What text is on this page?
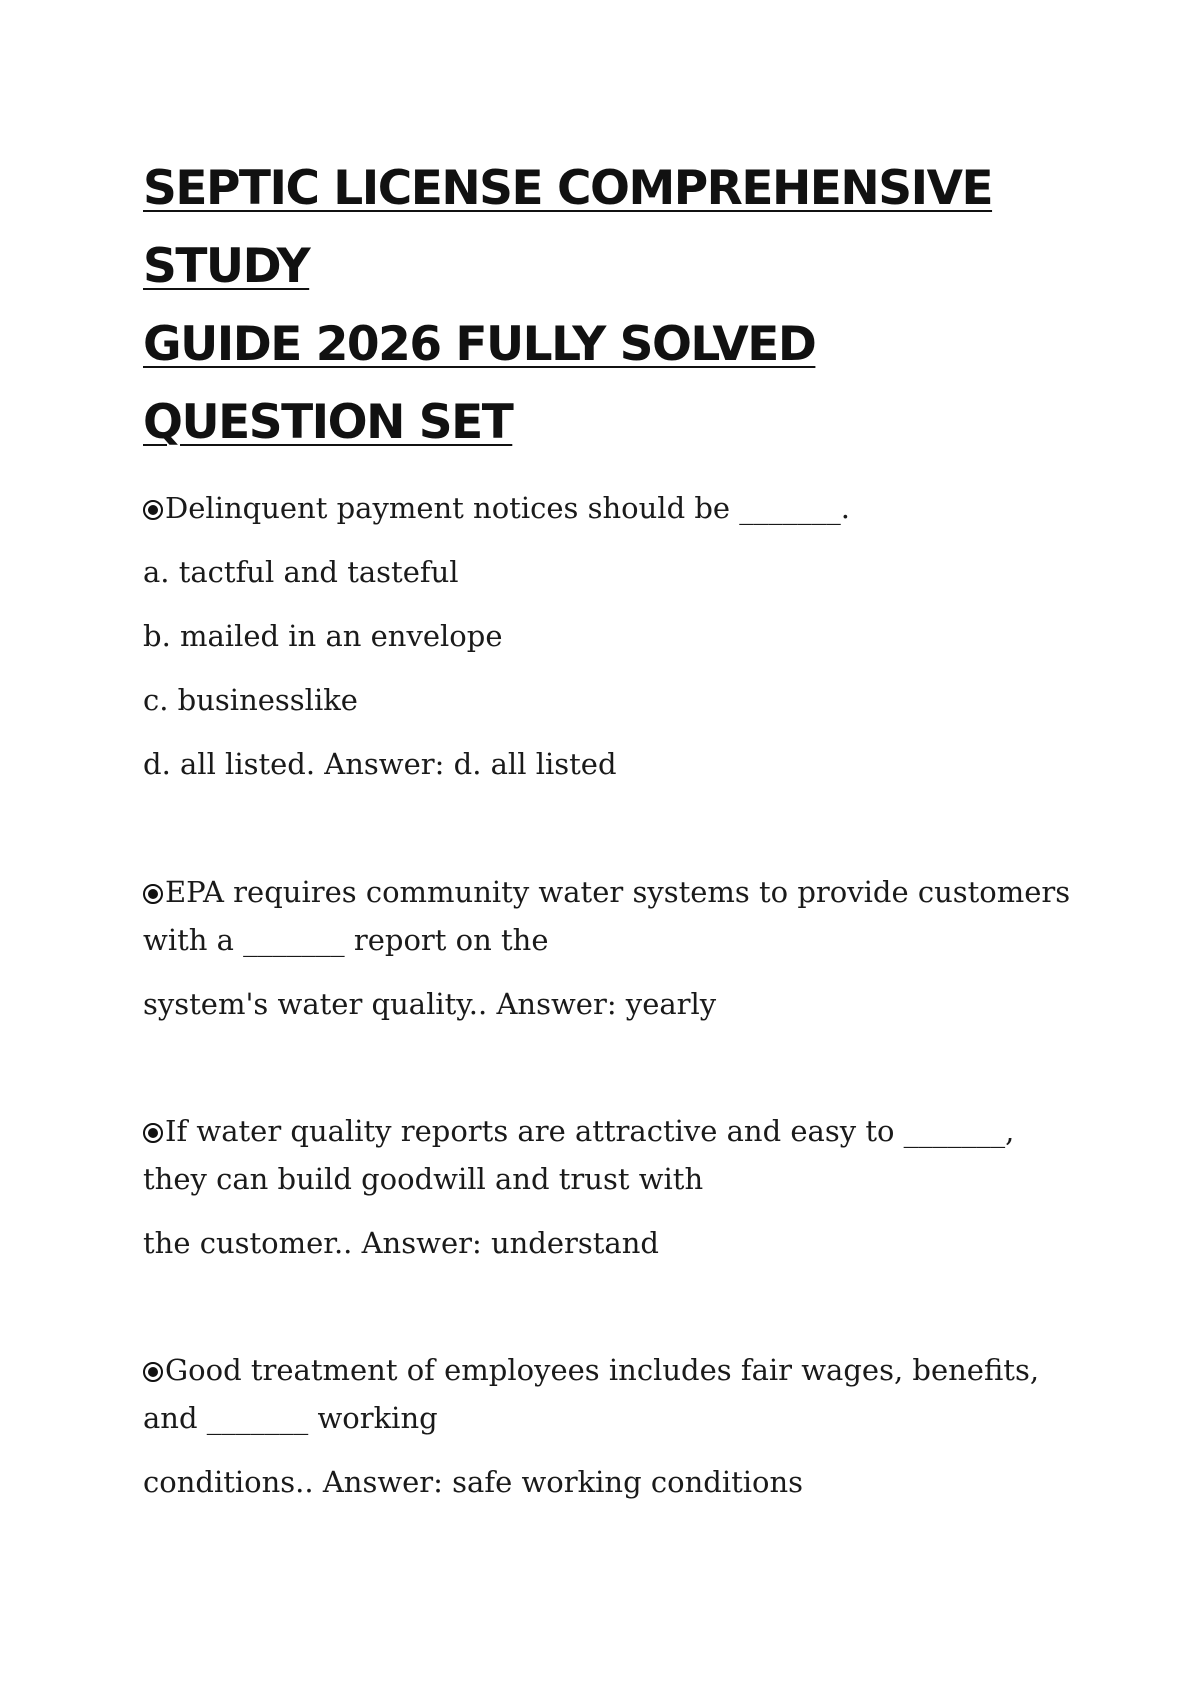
SEPTIC LICENSE COMPREHENSIVE STUDY
GUIDE 2026 FULLY SOLVED QUESTION SET

Delinquent payment notices should be _______.

a. tactful and tasteful

b. mailed in an envelope

c. businesslike

d. all listed. Answer: d. all listed

EPA requires community water systems to provide customers with a _______ report on the

system's water quality.. Answer: yearly

If water quality reports are attractive and easy to _______, they can build goodwill and trust with

the customer.. Answer: understand

Good treatment of employees includes fair wages, benefits, and _______ working

conditions.. Answer: safe working conditions
